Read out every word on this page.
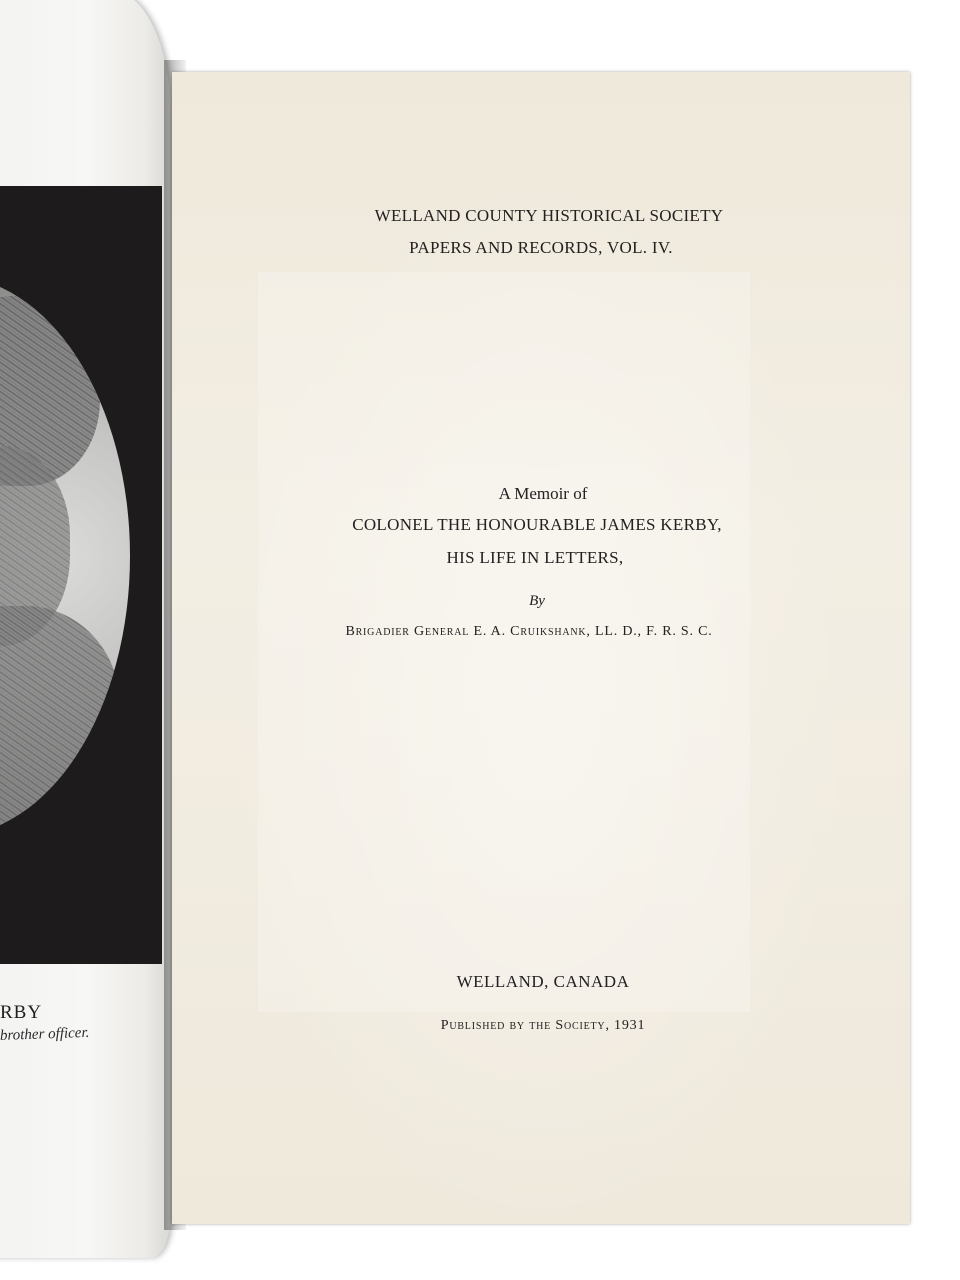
RBY
brother officer.
WELLAND COUNTY HISTORICAL SOCIETY
PAPERS AND RECORDS, VOL. IV.
A Memoir of
COLONEL THE HONOURABLE JAMES KERBY,
HIS LIFE IN LETTERS,
By
Brigadier General E. A. Cruikshank, LL. D., F. R. S. C.
WELLAND, CANADA
Published by the Society, 1931
